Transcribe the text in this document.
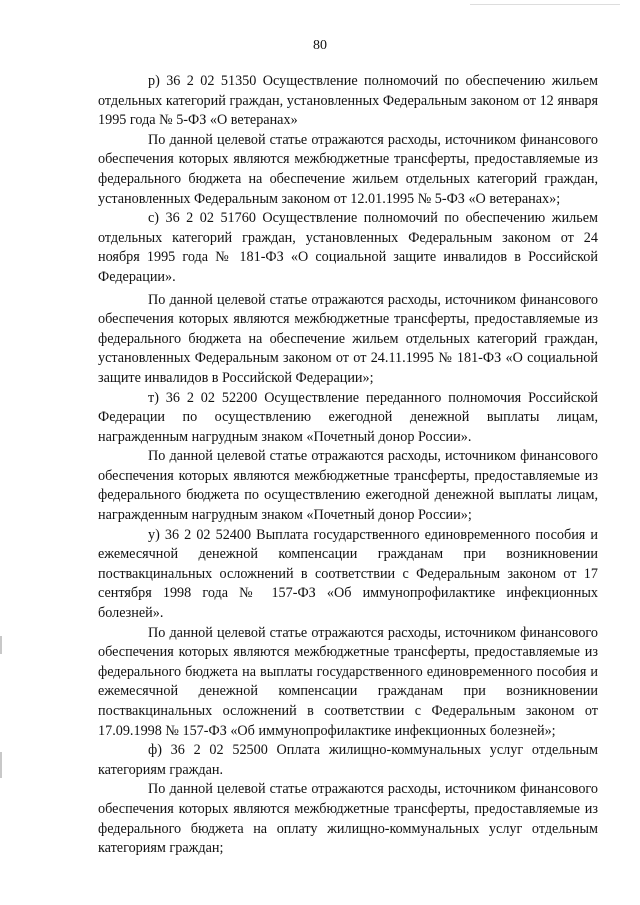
80

р) 36 2 02 51350 Осуществление полномочий по обеспечению жильем отдельных категорий граждан, установленных Федеральным законом от 12 января 1995 года № 5-ФЗ «О ветеранах»

По данной целевой статье отражаются расходы, источником финансового обеспечения которых являются межбюджетные трансферты, предоставляемые из федерального бюджета на обеспечение жильем отдельных категорий граждан, установленных Федеральным законом от 12.01.1995 № 5-ФЗ «О ветеранах»;

с) 36 2 02 51760 Осуществление полномочий по обеспечению жильем отдельных категорий граждан, установленных Федеральным законом от 24 ноября 1995 года № 181-ФЗ «О социальной защите инвалидов в Российской Федерации».

По данной целевой статье отражаются расходы, источником финансового обеспечения которых являются межбюджетные трансферты, предоставляемые из федерального бюджета на обеспечение жильем отдельных категорий граждан, установленных Федеральным законом от от 24.11.1995 № 181-ФЗ «О социальной защите инвалидов в Российской Федерации»;

т) 36 2 02 52200 Осуществление переданного полномочия Российской Федерации по осуществлению ежегодной денежной выплаты лицам, награжденным нагрудным знаком «Почетный донор России».

По данной целевой статье отражаются расходы, источником финансового обеспечения которых являются межбюджетные трансферты, предоставляемые из федерального бюджета по осуществлению ежегодной денежной выплаты лицам, награжденным нагрудным знаком «Почетный донор России»;

у) 36 2 02 52400 Выплата государственного единовременного пособия и ежемесячной денежной компенсации гражданам при возникновении поствакцинальных осложнений в соответствии с Федеральным законом от 17 сентября 1998 года № 157-ФЗ «Об иммунопрофилактике инфекционных болезней».

По данной целевой статье отражаются расходы, источником финансового обеспечения которых являются межбюджетные трансферты, предоставляемые из федерального бюджета на выплаты государственного единовременного пособия и ежемесячной денежной компенсации гражданам при возникновении поствакцинальных осложнений в соответствии с Федеральным законом от 17.09.1998 № 157-ФЗ «Об иммунопрофилактике инфекционных болезней»;

ф) 36 2 02 52500 Оплата жилищно-коммунальных услуг отдельным категориям граждан.

По данной целевой статье отражаются расходы, источником финансового обеспечения которых являются межбюджетные трансферты, предоставляемые из федерального бюджета на оплату жилищно-коммунальных услуг отдельным категориям граждан;
